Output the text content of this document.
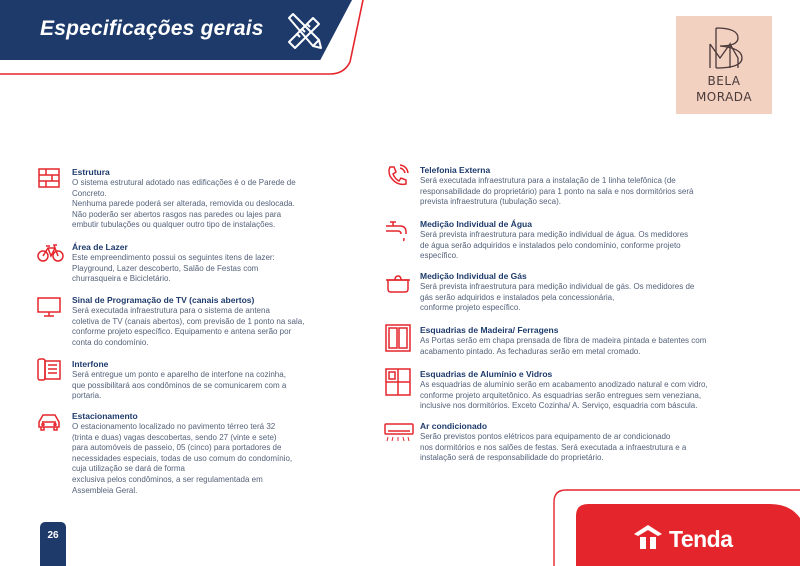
Especificações gerais
BELA
MORADA
Estrutura
O sistema estrutural adotado nas edificações é o de Parede de
Concreto.
Nenhuma parede poderá ser alterada, removida ou deslocada.
Não poderão ser abertos rasgos nas paredes ou lajes para
embutir tubulações ou qualquer outro tipo de instalações.
Área de Lazer
Este empreendimento possui os seguintes itens de lazer:
Playground, Lazer descoberto, Salão de Festas com
churrasqueira e Bicicletário.
Sinal de Programação de TV (canais abertos)
Será executada infraestrutura para o sistema de antena
coletiva de TV (canais abertos), com previsão de 1 ponto na sala,
conforme projeto específico. Equipamento e antena serão por
conta do condomínio.
Interfone
Será entregue um ponto e aparelho de interfone na cozinha,
que possibilitará aos condôminos de se comunicarem com a
portaria.
Estacionamento
O estacionamento localizado no pavimento térreo terá 32
(trinta e duas) vagas descobertas, sendo 27 (vinte e sete)
para automóveis de passeio, 05 (cinco) para portadores de
necessidades especiais, todas de uso comum do condomínio,
cuja utilização se dará de forma
exclusiva pelos condôminos, a ser regulamentada em
Assembleia Geral.
Telefonia Externa
Será executada infraestrutura para a instalação de 1 linha telefônica (de
responsabilidade do proprietário) para 1 ponto na sala e nos dormitórios será
prevista infraestrutura (tubulação seca).
Medição Individual de Água
Será prevista infraestrutura para medição individual de água. Os medidores
de água serão adquiridos e instalados pelo condomínio, conforme projeto
específico.
Medição Individual de Gás
Será prevista infraestrutura para medição individual de gás. Os medidores de
gás serão adquiridos e instalados pela concessionária,
conforme projeto específico.
Esquadrias de Madeira/ Ferragens
As Portas serão em chapa prensada de fibra de madeira pintada e batentes com
acabamento pintado. As fechaduras serão em metal cromado.
Esquadrias de Alumínio e Vidros
As esquadrias de alumínio serão em acabamento anodizado natural e com vidro,
conforme projeto arquitetônico. As esquadrias serão entregues sem veneziana,
inclusive nos dormitórios. Exceto Cozinha/ A. Serviço, esquadria com báscula.
Ar condicionado
Serão previstos pontos elétricos para equipamento de ar condicionado
nos dormitórios e nos salões de festas. Será executada a infraestrutura e a
instalação será de responsabilidade do proprietário.
26	Tenda
